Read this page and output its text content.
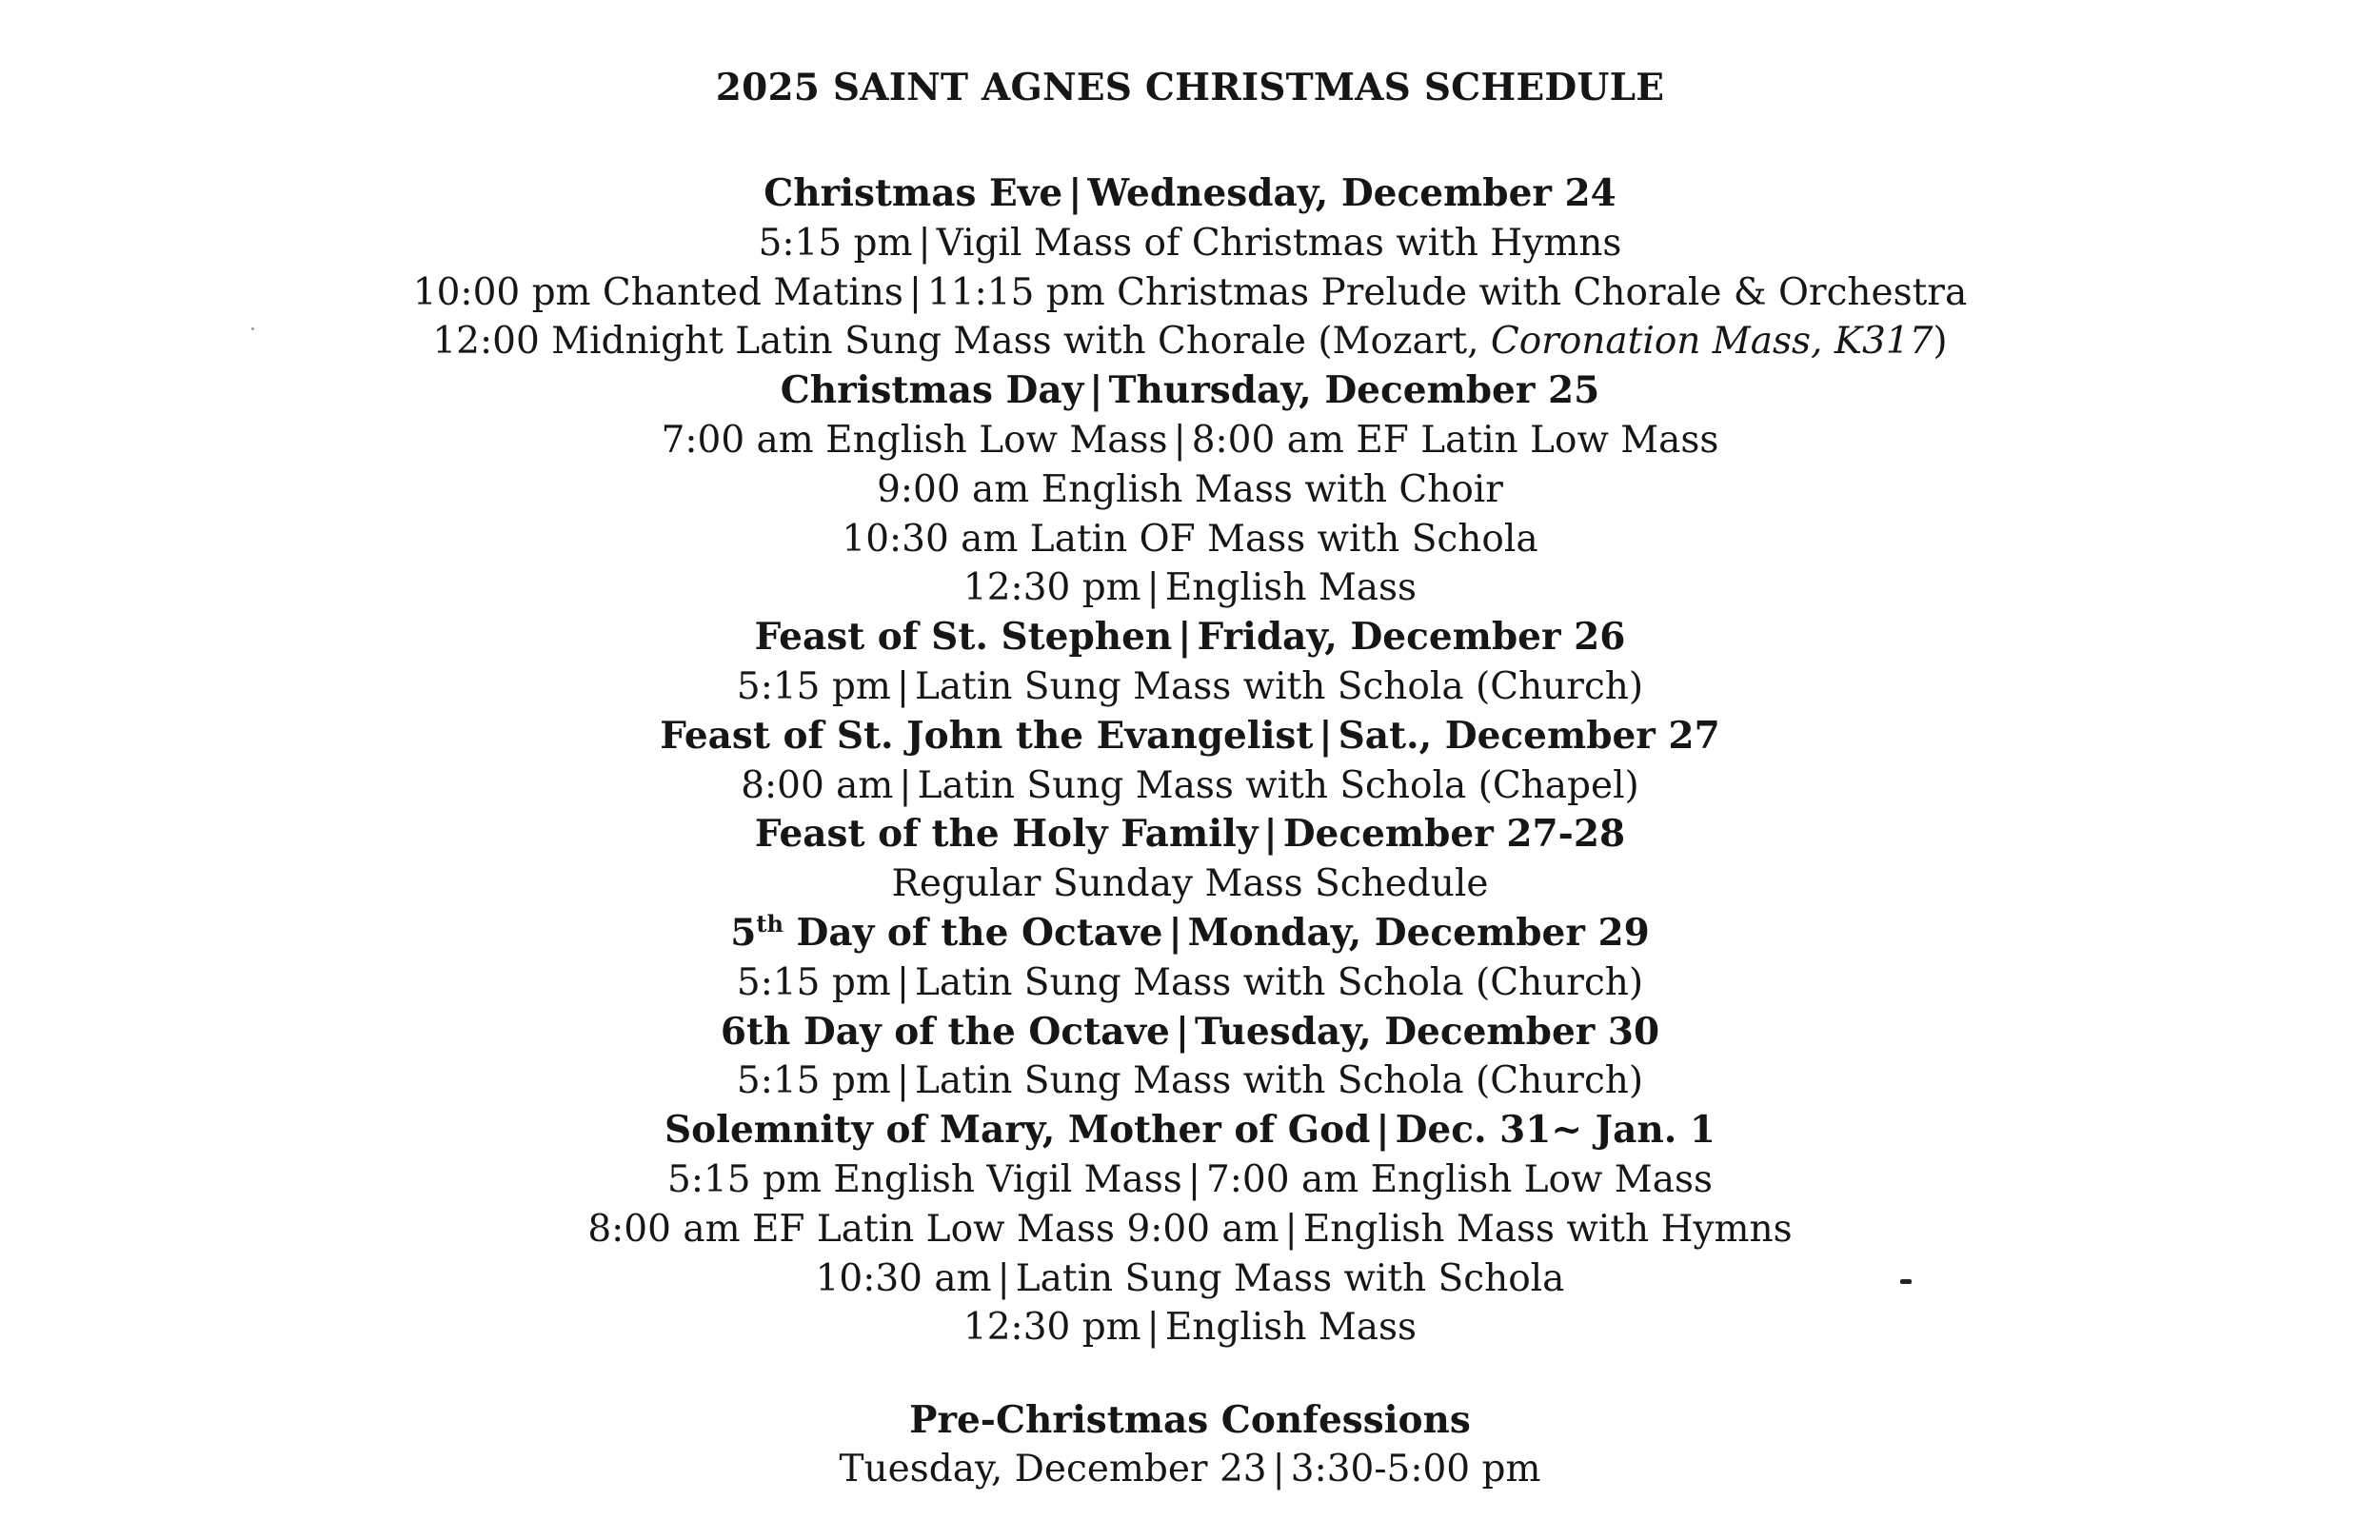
2025 SAINT AGNES CHRISTMAS SCHEDULE
Christmas Eve | Wednesday, December 24
5:15 pm | Vigil Mass of Christmas with Hymns
10:00 pm Chanted Matins | 11:15 pm Christmas Prelude with Chorale & Orchestra
12:00 Midnight Latin Sung Mass with Chorale (Mozart, Coronation Mass, K317)
Christmas Day | Thursday, December 25
7:00 am English Low Mass | 8:00 am EF Latin Low Mass
9:00 am English Mass with Choir
10:30 am Latin OF Mass with Schola
12:30 pm | English Mass
Feast of St. Stephen | Friday, December 26
5:15 pm | Latin Sung Mass with Schola (Church)
Feast of St. John the Evangelist | Sat., December 27
8:00 am | Latin Sung Mass with Schola (Chapel)
Feast of the Holy Family | December 27-28
Regular Sunday Mass Schedule
5th Day of the Octave | Monday, December 29
5:15 pm | Latin Sung Mass with Schola (Church)
6th Day of the Octave | Tuesday, December 30
5:15 pm | Latin Sung Mass with Schola (Church)
Solemnity of Mary, Mother of God | Dec. 31~ Jan. 1
5:15 pm English Vigil Mass | 7:00 am English Low Mass
8:00 am EF Latin Low Mass 9:00 am | English Mass with Hymns
10:30 am | Latin Sung Mass with Schola
12:30 pm | English Mass
Pre-Christmas Confessions
Tuesday, December 23 | 3:30-5:00 pm
